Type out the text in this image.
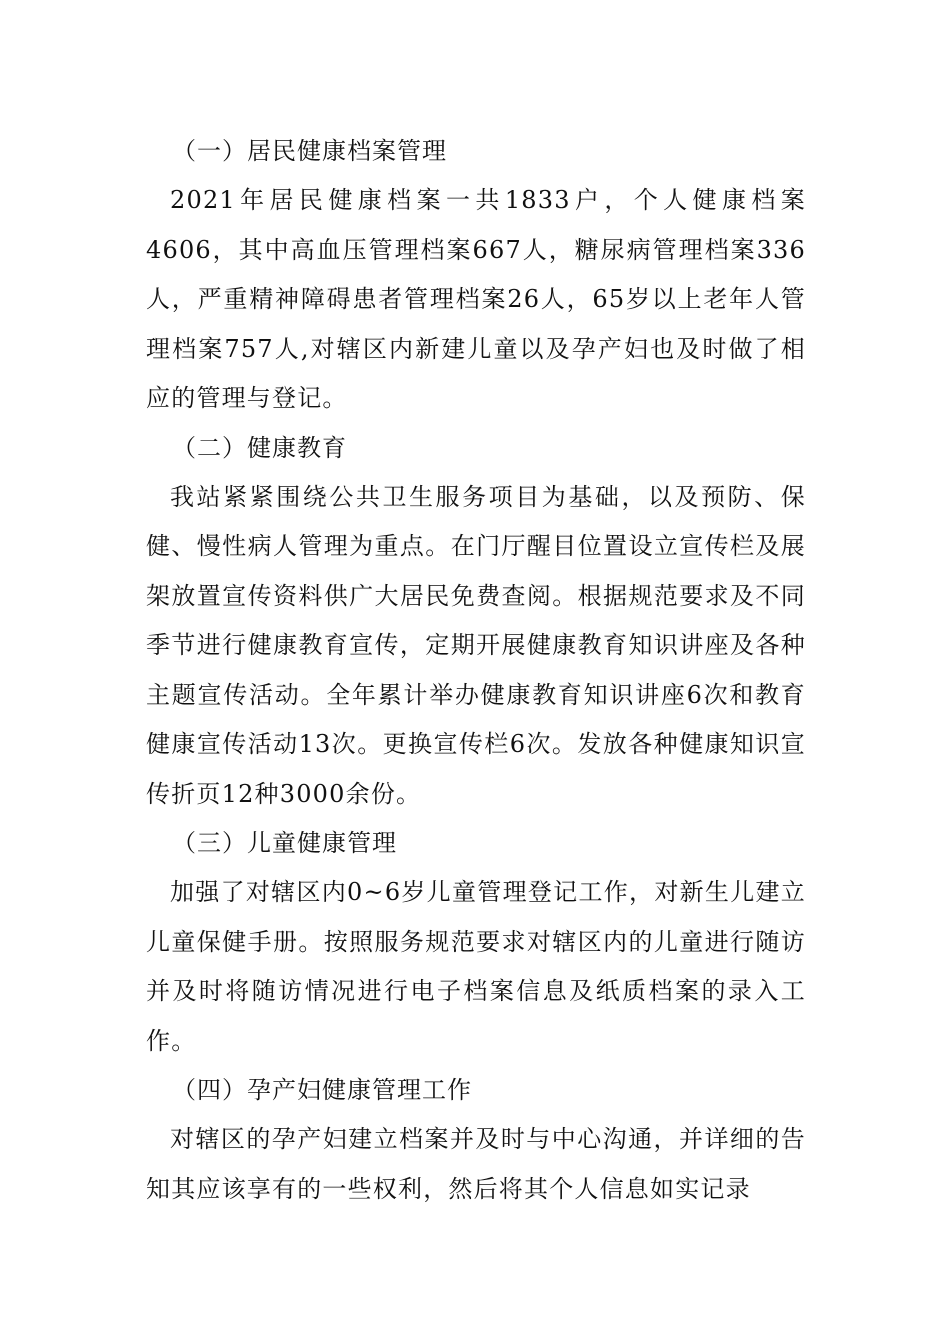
（一）居民健康档案管理

2021年居民健康档案一共1833户，个人健康档案4606，其中高血压管理档案667人，糖尿病管理档案336人，严重精神障碍患者管理档案26人，65岁以上老年人管理档案757人,对辖区内新建儿童以及孕产妇也及时做了相应的管理与登记。

（二）健康教育

我站紧紧围绕公共卫生服务项目为基础，以及预防、保健、慢性病人管理为重点。在门厅醒目位置设立宣传栏及展架放置宣传资料供广大居民免费查阅。根据规范要求及不同季节进行健康教育宣传，定期开展健康教育知识讲座及各种主题宣传活动。全年累计举办健康教育知识讲座6次和教育健康宣传活动13次。更换宣传栏6次。发放各种健康知识宣传折页12种3000余份。

（三）儿童健康管理

加强了对辖区内0~6岁儿童管理登记工作，对新生儿建立儿童保健手册。按照服务规范要求对辖区内的儿童进行随访并及时将随访情况进行电子档案信息及纸质档案的录入工作。

（四）孕产妇健康管理工作

对辖区的孕产妇建立档案并及时与中心沟通，并详细的告知其应该享有的一些权利，然后将其个人信息如实记录
